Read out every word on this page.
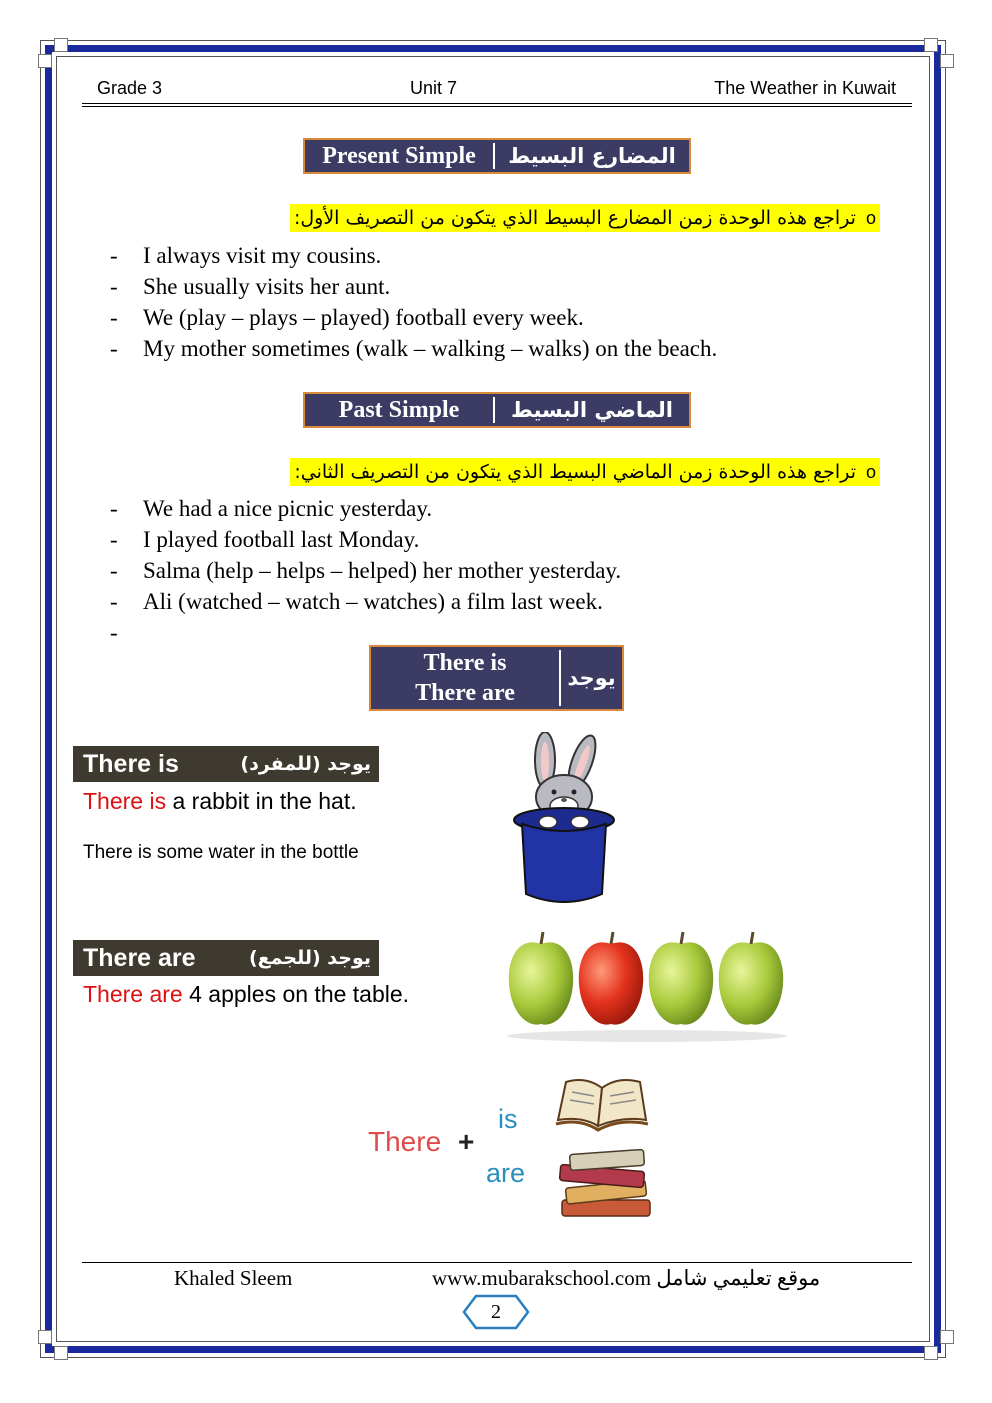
Grade 3	Unit 7	The Weather in Kuwait
Present Simple	المضارع البسيط
تراجع هذه الوحدة زمن المضارع البسيط الذي يتكون من التصريف الأول: o
- I always visit my cousins.
- She usually visits her aunt.
- We (play – plays – played) football every week.
- My mother sometimes (walk – walking – walks) on the beach.
Past Simple	الماضي البسيط
تراجع هذه الوحدة زمن الماضي البسيط الذي يتكون من التصريف الثاني: o
- We had a nice picnic yesterday.
- I played football last Monday.
- Salma (help – helps – helped) her mother yesterday.
- Ali (watched – watch – watches) a film last week.
-
There is
There are
يوجد
There is	يوجد (للمفرد)
There is a rabbit in the hat.
There is some water in the bottle
There are	يوجد (للجمع)
There are 4 apples on the table.
There +
is
are
Khaled Sleem	www.mubarakschool.com موقع تعليمي شامل
2
